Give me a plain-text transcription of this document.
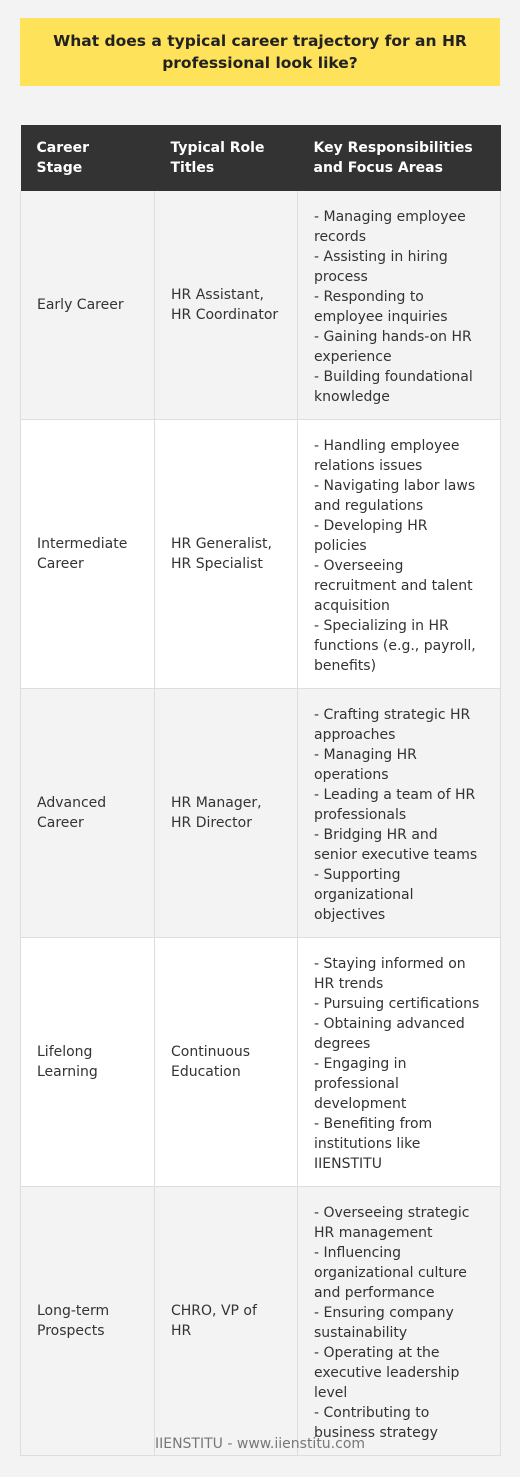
What does a typical career trajectory for an HR professional look like?
Career Stage	Typical Role Titles	Key Responsibilities and Focus Areas
Early Career	HR Assistant, HR Coordinator	- Managing employee records
- Assisting in hiring process
- Responding to employee inquiries
- Gaining hands-on HR experience
- Building foundational knowledge

Intermediate Career	HR Generalist, HR Specialist	- Handling employee relations issues
- Navigating labor laws and regulations
- Developing HR policies
- Overseeing recruitment and talent acquisition
- Specializing in HR functions (e.g., payroll, benefits)

Advanced Career	HR Manager, HR Director	- Crafting strategic HR approaches
- Managing HR operations
- Leading a team of HR professionals
- Bridging HR and senior executive teams
- Supporting organizational objectives

Lifelong Learning	Continuous Education	- Staying informed on HR trends
- Pursuing certifications
- Obtaining advanced degrees
- Engaging in professional development
- Benefiting from institutions like IIENSTITU

Long-term Prospects	CHRO, VP of HR	- Overseeing strategic HR management
- Influencing organizational culture and performance
- Ensuring company sustainability
- Operating at the executive leadership level
- Contributing to business strategy
IIENSTITU - www.iienstitu.com
